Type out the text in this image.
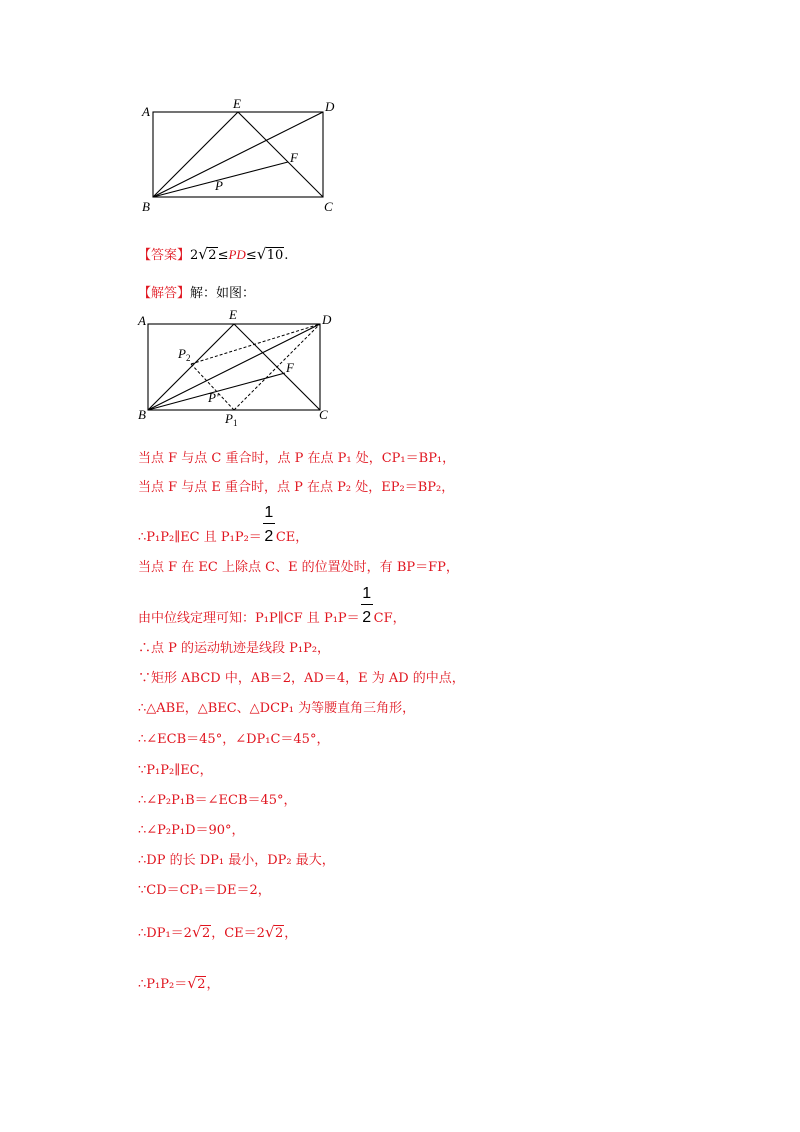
A
E	D
F
P
B	C
【答案】2 √ 2≤PD≤ √ 10.
【解答】解：如图：
A	E	D
$P_2$
F
P'
B	$P_1$
C
当点 F 与点 C 重合时，点 P 在点 P₁ 处，CP₁＝BP₁，
当点 F 与点 E 重合时，点 P 在点 P₂ 处，EP₂＝BP₂，
∴P₁P₂∥EC 且 $P_1P_2= \frac{1}{2}CE$，
当点 F 在 EC 上除点 C、E 的位置处时，有 BP＝FP，
由中位线定理可知：P₁P∥CF 且 $P_1P= \frac{1}{2}CF$，
∴点 P 的运动轨迹是线段 P₁P₂，
∵矩形 ABCD 中，AB＝2，AD＝4，E 为 AD 的中点，
∴△ABE，△BEC、△DCP₁ 为等腰直角三角形，
∴∠ECB＝45°，∠DP₁C＝45°，
∵P₁P₂∥EC，
∴∠P₂P₁B＝∠ECB＝45°，
∴∠P₂P₁D＝90°，
∴DP 的长 DP₁ 最小，DP₂ 最大，
∵CD＝CP₁＝DE＝2，
∴DP₁＝2 √ 2，CE＝2 √ 2，
∴P₁P₂＝ √ 2，
